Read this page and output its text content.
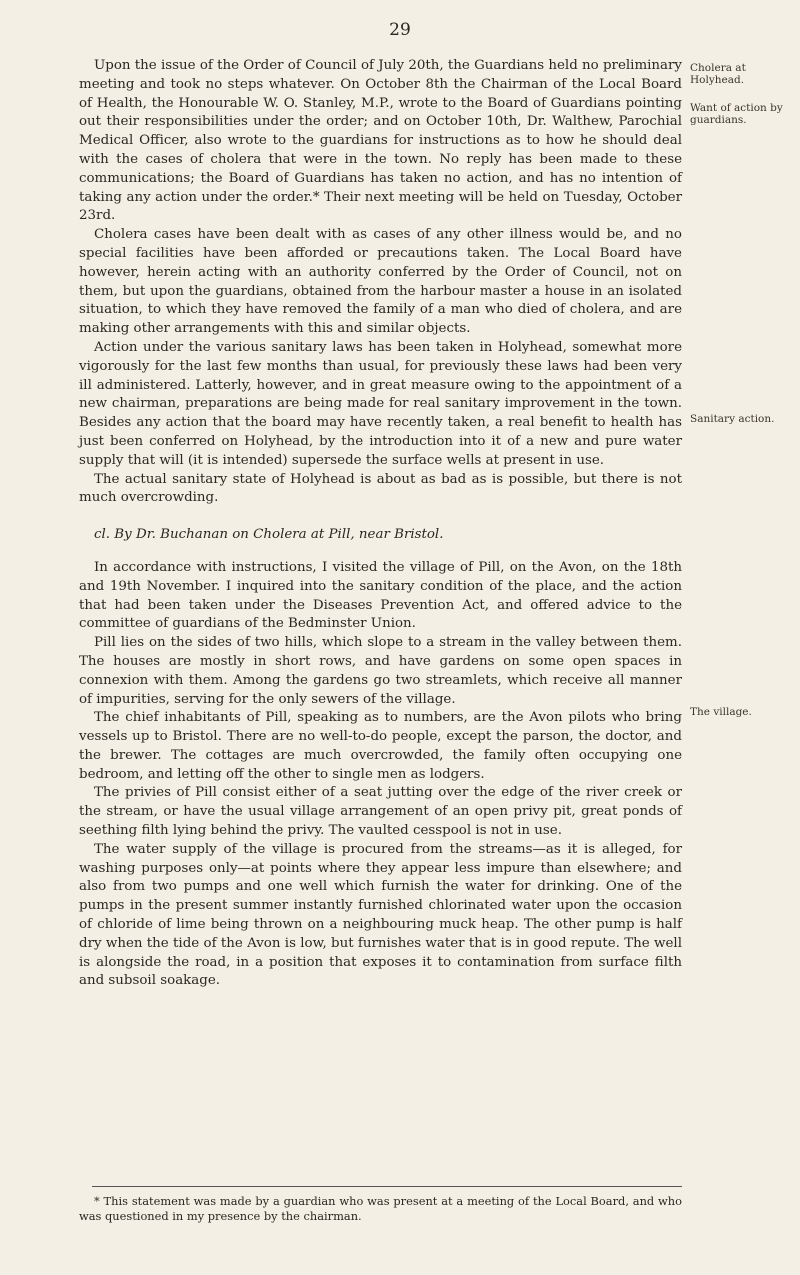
29
Cholera at Holyhead.
Want of action by guardians.
Sanitary action.
The village.

Upon the issue of the Order of Council of July 20th, the Guardians held no preliminary meeting and took no steps whatever. On October 8th the Chairman of the Local Board of Health, the Honourable W. O. Stanley, M.P., wrote to the Board of Guardians pointing out their responsibilities under the order; and on October 10th, Dr. Walthew, Parochial Medical Officer, also wrote to the guardians for instructions as to how he should deal with the cases of cholera that were in the town. No reply has been made to these communications; the Board of Guardians has taken no action, and has no intention of taking any action under the order.* Their next meeting will be held on Tuesday, October 23rd.

Cholera cases have been dealt with as cases of any other illness would be, and no special facilities have been afforded or precautions taken. The Local Board have however, herein acting with an authority conferred by the Order of Council, not on them, but upon the guardians, obtained from the harbour master a house in an isolated situation, to which they have removed the family of a man who died of cholera, and are making other arrangements with this and similar objects.

Action under the various sanitary laws has been taken in Holyhead, somewhat more vigorously for the last few months than usual, for previously these laws had been very ill administered. Latterly, however, and in great measure owing to the appointment of a new chairman, preparations are being made for real sanitary improvement in the town. Besides any action that the board may have recently taken, a real benefit to health has just been conferred on Holyhead, by the introduction into it of a new and pure water supply that will (it is intended) supersede the surface wells at present in use.

The actual sanitary state of Holyhead is about as bad as is possible, but there is not much overcrowding.

cl. By Dr. Buchanan on Cholera at Pill, near Bristol.

In accordance with instructions, I visited the village of Pill, on the Avon, on the 18th and 19th November. I inquired into the sanitary condition of the place, and the action that had been taken under the Diseases Prevention Act, and offered advice to the committee of guardians of the Bedminster Union.

Pill lies on the sides of two hills, which slope to a stream in the valley between them. The houses are mostly in short rows, and have gardens on some open spaces in connexion with them. Among the gardens go two streamlets, which receive all manner of impurities, serving for the only sewers of the village.

The chief inhabitants of Pill, speaking as to numbers, are the Avon pilots who bring vessels up to Bristol. There are no well-to-do people, except the parson, the doctor, and the brewer. The cottages are much overcrowded, the family often occupying one bedroom, and letting off the other to single men as lodgers.

The privies of Pill consist either of a seat jutting over the edge of the river creek or the stream, or have the usual village arrangement of an open privy pit, great ponds of seething filth lying behind the privy. The vaulted cesspool is not in use.

The water supply of the village is procured from the streams—as it is alleged, for washing purposes only—at points where they appear less impure than elsewhere; and also from two pumps and one well which furnish the water for drinking. One of the pumps in the present summer instantly furnished chlorinated water upon the occasion of chloride of lime being thrown on a neighbouring muck heap. The other pump is half dry when the tide of the Avon is low, but furnishes water that is in good repute. The well is alongside the road, in a position that exposes it to contamination from surface filth and subsoil soakage.

* This statement was made by a guardian who was present at a meeting of the Local Board, and who was questioned in my presence by the chairman.
